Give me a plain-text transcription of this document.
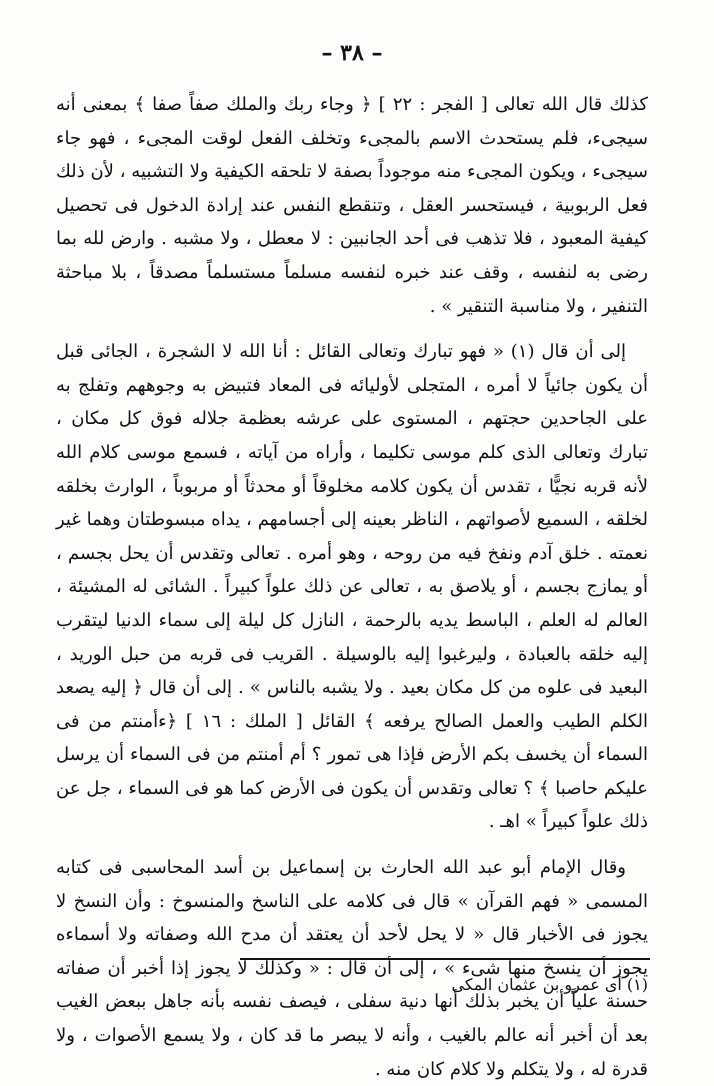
– ٣٨ –

كذلك قال الله تعالى [ الفجر : ٢٢ ] ﴿ وجاء ربك والملك صفاً صفا ﴾ بمعنى أنه سيجىء، فلم يستحدث الاسم بالمجىء وتخلف الفعل لوقت المجىء ، فهو جاء سيجىء ، ويكون المجىء منه موجوداً بصفة لا تلحقه الكيفية ولا التشبيه ، لأن ذلك فعل الربوبية ، فيستحسر العقل ، وتنقطع النفس عند إرادة الدخول فى تحصيل كيفية المعبود ، فلا تذهب فى أحد الجانبين : لا معطل ، ولا مشبه . وارض لله بما رضى به لنفسه ، وقف عند خبره لنفسه مسلماً مستسلماً مصدقاً ، بلا مباحثة التنفير ، ولا مناسبة التنقير » .

إلى أن قال (١) « فهو تبارك وتعالى القائل : أنا الله لا الشجرة ، الجائى قبل أن يكون جائياً لا أمره ، المتجلى لأوليائه فى المعاد فتبيض به وجوههم وتفلج به على الجاحدين حجتهم ، المستوى على عرشه بعظمة جلاله فوق كل مكان ، تبارك وتعالى الذى كلم موسى تكليما ، وأراه من آياته ، فسمع موسى كلام الله لأنه قربه نجيًّا ، تقدس أن يكون كلامه مخلوقاً أو محدثاً أو مربوباً ، الوارث بخلقه لخلقه ، السميع لأصواتهم ، الناظر بعينه إلى أجسامهم ، يداه مبسوطتان وهما غير نعمته . خلق آدم ونفخ فيه من روحه ، وهو أمره . تعالى وتقدس أن يحل بجسم ، أو يمازج بجسم ، أو يلاصق به ، تعالى عن ذلك علواً كبيراً . الشائى له المشيئة ، العالم له العلم ، الباسط يديه بالرحمة ، النازل كل ليلة إلى سماء الدنيا ليتقرب إليه خلقه بالعبادة ، وليرغبوا إليه بالوسيلة . القريب فى قربه من حبل الوريد ، البعيد فى علوه من كل مكان بعيد . ولا يشبه بالناس » . إلى أن قال ﴿ إليه يصعد الكلم الطيب والعمل الصالح يرفعه ﴾ القائل [ الملك : ١٦ ] ﴿ءأمنتم من فى السماء أن يخسف بكم الأرض فإذا هى تمور ؟ أم أمنتم من فى السماء أن يرسل عليكم حاصبا ﴾ ؟ تعالى وتقدس أن يكون فى الأرض كما هو فى السماء ، جل عن ذلك علواً كبيراً » اهـ .

وقال الإمام أبو عبد الله الحارث بن إسماعيل بن أسد المحاسبى فى كتابه المسمى « فهم القرآن » قال فى كلامه على الناسخ والمنسوخ : وأن النسخ لا يجوز فى الأخبار قال « لا يحل لأحد أن يعتقد أن مدح الله وصفاته ولا أسماءه يجوز أن ينسخ منها شىء » ، إلى أن قال : « وكذلك لا يجوز إذا أخبر أن صفاته حسنة علياً أن يخبر بذلك أنها دنية سفلى ، فيصف نفسه بأنه جاهل ببعض الغيب بعد أن أخبر أنه عالم بالغيب ، وأنه لا يبصر ما قد كان ، ولا يسمع الأصوات ، ولا قدرة له ، ولا يتكلم ولا كلام كان منه .

(١) أى عمرو بن عثمان المكى
